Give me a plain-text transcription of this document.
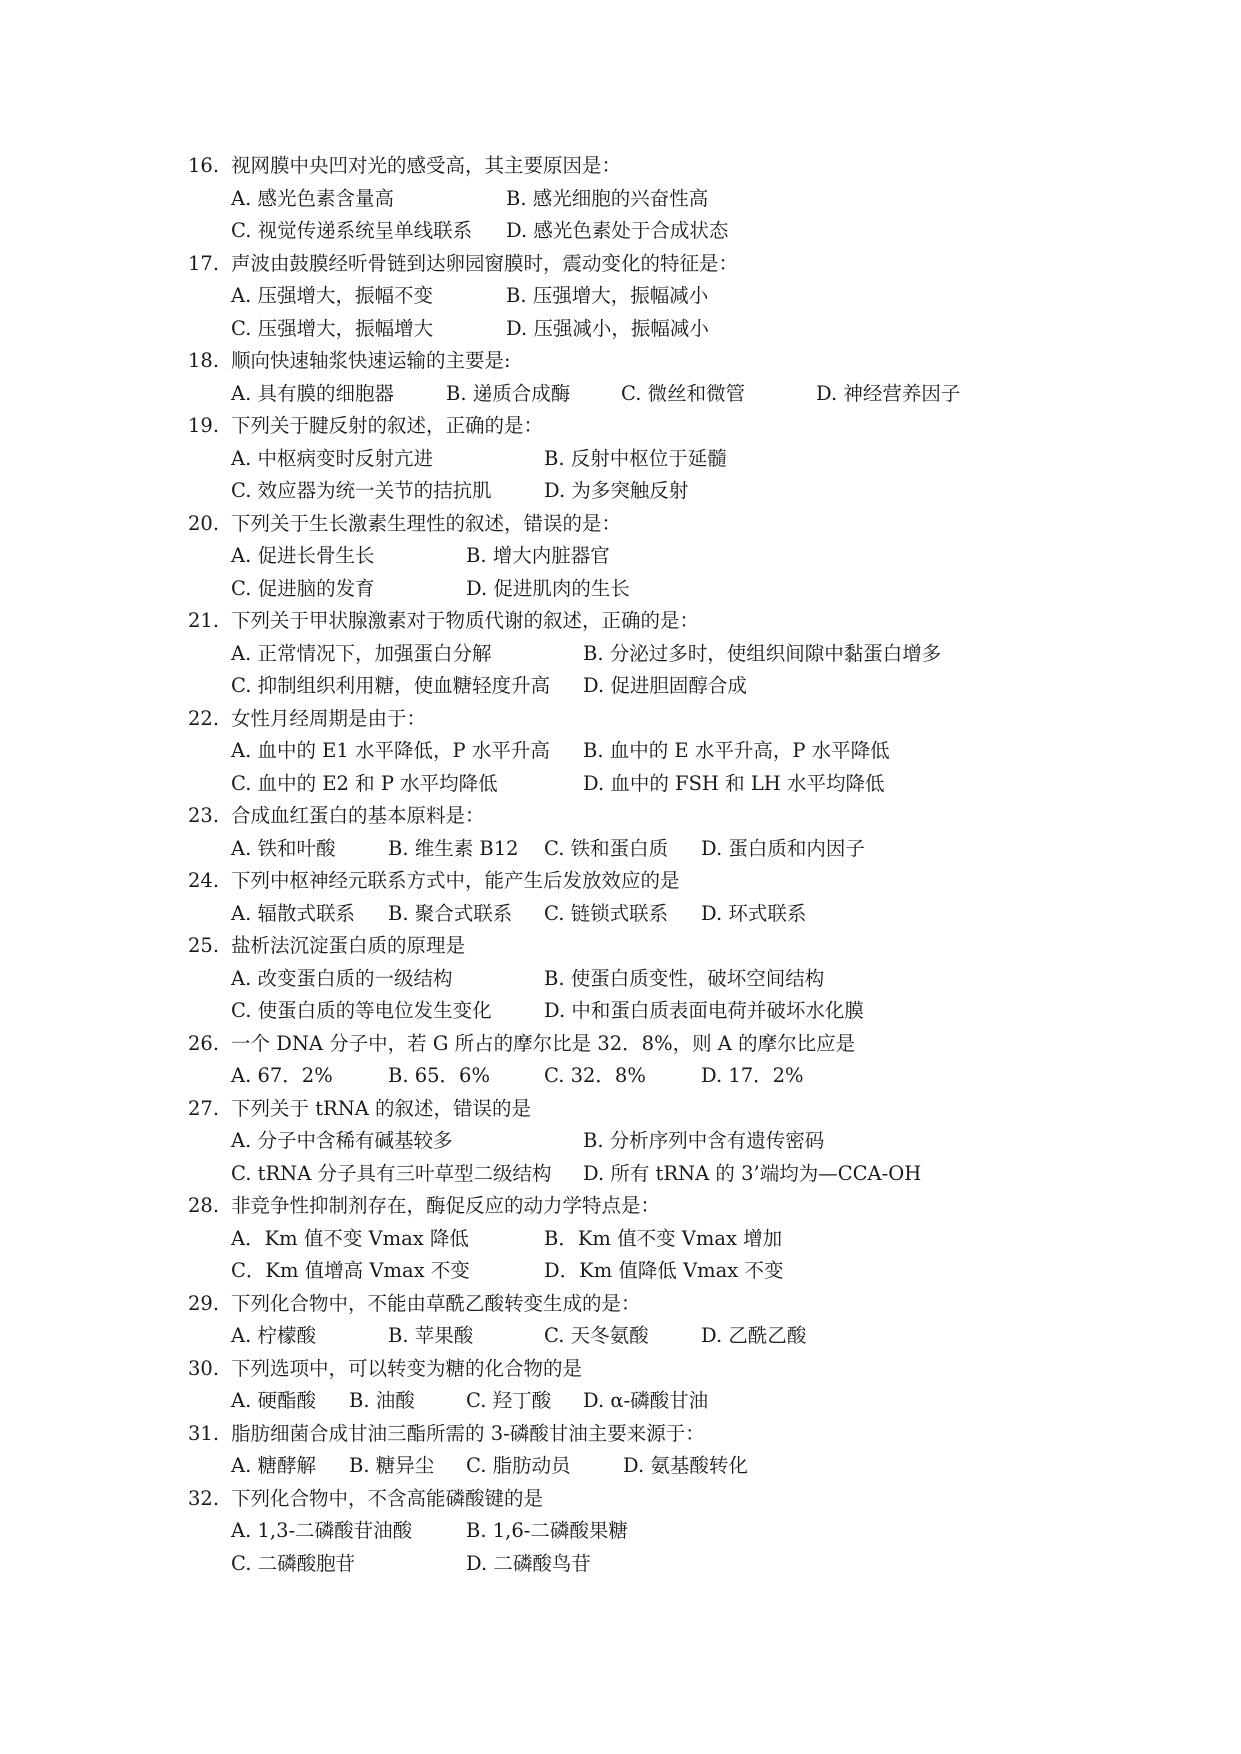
16. 视网膜中央凹对光的感受高，其主要原因是：
A. 感光色素含量高	B. 感光细胞的兴奋性高
C. 视觉传递系统呈单线联系 D. 感光色素处于合成状态
17. 声波由鼓膜经听骨链到达卵园窗膜时，震动变化的特征是：
A. 压强增大，振幅不变	B. 压强增大，振幅减小
C. 压强增大，振幅增大	D. 压强减小，振幅减小
18. 顺向快速轴浆快速运输的主要是:
A. 具有膜的细胞器	B. 递质合成酶	C. 微丝和微管	D. 神经营养因子
19. 下列关于腱反射的叙述，正确的是：
A. 中枢病变时反射亢进	B. 反射中枢位于延髓
C. 效应器为统一关节的拮抗肌	D. 为多突触反射
20. 下列关于生长激素生理性的叙述，错误的是：
A. 促进长骨生长	B. 增大内脏器官
C. 促进脑的发育	D. 促进肌肉的生长
21. 下列关于甲状腺激素对于物质代谢的叙述，正确的是：
A. 正常情况下，加强蛋白分解	B. 分泌过多时，使组织间隙中黏蛋白增多
C. 抑制组织利用糖，使血糖轻度升高 D. 促进胆固醇合成
22. 女性月经周期是由于：
A. 血中的 E1 水平降低，P 水平升高 B. 血中的 E 水平升高，P 水平降低
C. 血中的 E2 和 P 水平均降低	D. 血中的 FSH 和 LH 水平均降低
23. 合成血红蛋白的基本原料是：
A. 铁和叶酸	B. 维生素 B12 C. 铁和蛋白质 D. 蛋白质和内因子
24. 下列中枢神经元联系方式中，能产生后发放效应的是
A. 辐散式联系 B. 聚合式联系 C. 链锁式联系 D. 环式联系
25. 盐析法沉淀蛋白质的原理是
A. 改变蛋白质的一级结构	B. 使蛋白质变性，破坏空间结构
C. 使蛋白质的等电位发生变化	D. 中和蛋白质表面电荷并破坏水化膜
26. 一个 DNA 分子中，若 G 所占的摩尔比是 32．8%，则 A 的摩尔比应是
A. 67．2%	B. 65．6%	C. 32．8%	D. 17．2%
27. 下列关于 tRNA 的叙述，错误的是
A. 分子中含稀有碱基较多	B. 分析序列中含有遗传密码
C. tRNA 分子具有三叶草型二级结构 D. 所有 tRNA 的 3’端均为—CCA-OH
28. 非竞争性抑制剂存在，酶促反应的动力学特点是：
A．Km 值不变 Vmax 降低	B．Km 值不变 Vmax 增加
C．Km 值增高 Vmax 不变	D．Km 值降低 Vmax 不变
29. 下列化合物中，不能由草酰乙酸转变生成的是：
A. 柠檬酸	B. 苹果酸	C. 天冬氨酸	D. 乙酰乙酸
30. 下列选项中，可以转变为糖的化合物的是
A. 硬酯酸 B. 油酸	C. 羟丁酸 D. α-磷酸甘油
31. 脂肪细菌合成甘油三酯所需的 3-磷酸甘油主要来源于：
A. 糖酵解 B. 糖异尘 C. 脂肪动员	D. 氨基酸转化
32. 下列化合物中，不含高能磷酸键的是
A. 1,3-二磷酸苷油酸	B. 1,6-二磷酸果糖
C. 二磷酸胞苷	D. 二磷酸鸟苷
